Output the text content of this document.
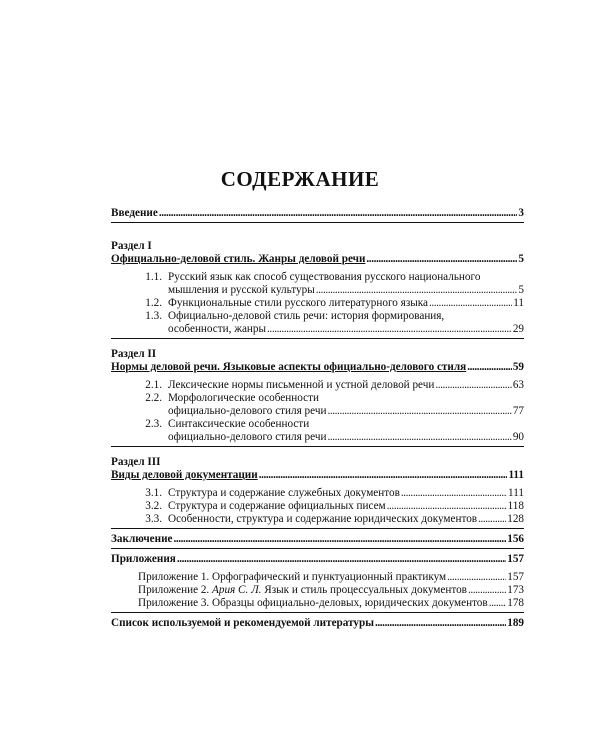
СОДЕРЖАНИЕ
Введение . . .	3
Раздел I
Официально-деловой стиль. Жанры деловой речи . . .	5
1.1. Русский язык как способ существования русского национального
мышления и русской культуры . . .	5
1.2. Функциональные стили русского литературного языка . . .	11
1.3. Официально-деловой стиль речи: история формирования,
особенности, жанры . . .	29
Раздел II
Нормы деловой речи. Языковые аспекты официально-делового стиля . . .	59
2.1. Лексические нормы письменной и устной деловой речи . . .	63
2.2. Морфологические особенности
официально-делового стиля речи . . .	77
2.3. Синтаксические особенности
официально-делового стиля речи . . .	90
Раздел III
Виды деловой документации . . .	111
3.1. Структура и содержание служебных документов . . .	111
3.2. Структура и содержание официальных писем . . .	118
3.3. Особенности, структура и содержание юридических документов . . .	128
Заключение . . .	156
Приложения . . .	157
Приложение 1. Орфографический и пунктуационный практикум . . .	157
Приложение 2. Ария С. Л. Язык и стиль процессуальных документов . . .	173
Приложение 3. Образцы официально-деловых, юридических документов . . . 178
Список используемой и рекомендуемой литературы . . .	189
